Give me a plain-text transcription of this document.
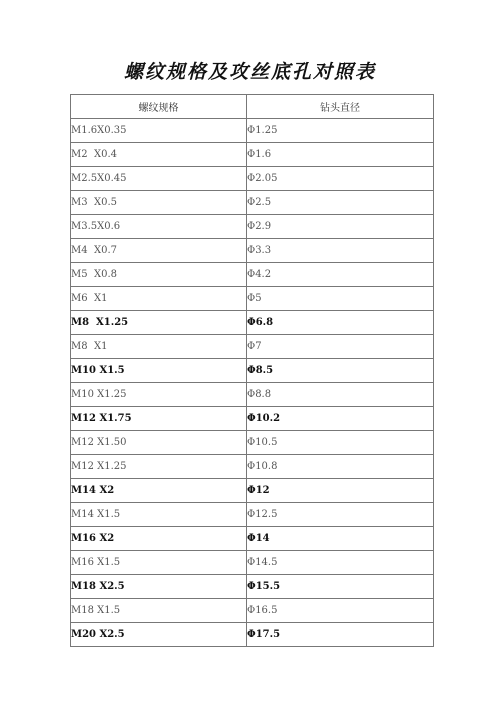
螺纹规格及攻丝底孔对照表
螺纹规格	钻头直径
M1.6X0.35	Φ1.25
M2  X0.4	Φ1.6
M2.5X0.45	Φ2.05
M3  X0.5	Φ2.5
M3.5X0.6	Φ2.9
M4  X0.7	Φ3.3
M5  X0.8	Φ4.2
M6  X1	Φ5
M8  X1.25	Φ6.8
M8  X1	Φ7
M10 X1.5	Φ8.5
M10 X1.25	Φ8.8
M12 X1.75	Φ10.2
M12 X1.50	Φ10.5
M12 X1.25	Φ10.8
M14 X2	Φ12
M14 X1.5	Φ12.5
M16 X2	Φ14
M16 X1.5	Φ14.5
M18 X2.5	Φ15.5
M18 X1.5	Φ16.5
M20 X2.5	Φ17.5
